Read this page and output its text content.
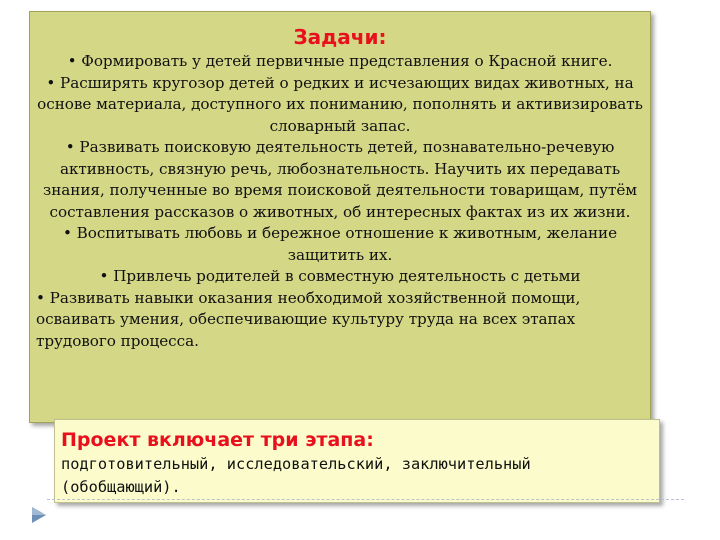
Задачи:
• Формировать у детей первичные представления о Красной книге.
• Расширять кругозор детей о редких и исчезающих видах животных, на основе материала, доступного их пониманию, пополнять и активизировать словарный запас.
• Развивать поисковую деятельность детей, познавательно-речевую активность, связную речь, любознательность. Научить их передавать знания, полученные во время поисковой деятельности товарищам, путём составления рассказов о животных, об интересных фактах из их жизни.
• Воспитывать любовь и бережное отношение к животным, желание защитить их.
• Привлечь родителей в совместную деятельность с детьми
• Развивать навыки оказания необходимой хозяйственной помощи, осваивать умения, обеспечивающие культуру труда на всех этапах трудового процесса.
Проект включает три этапа:
подготовительный, исследовательский, заключительный (обобщающий).
